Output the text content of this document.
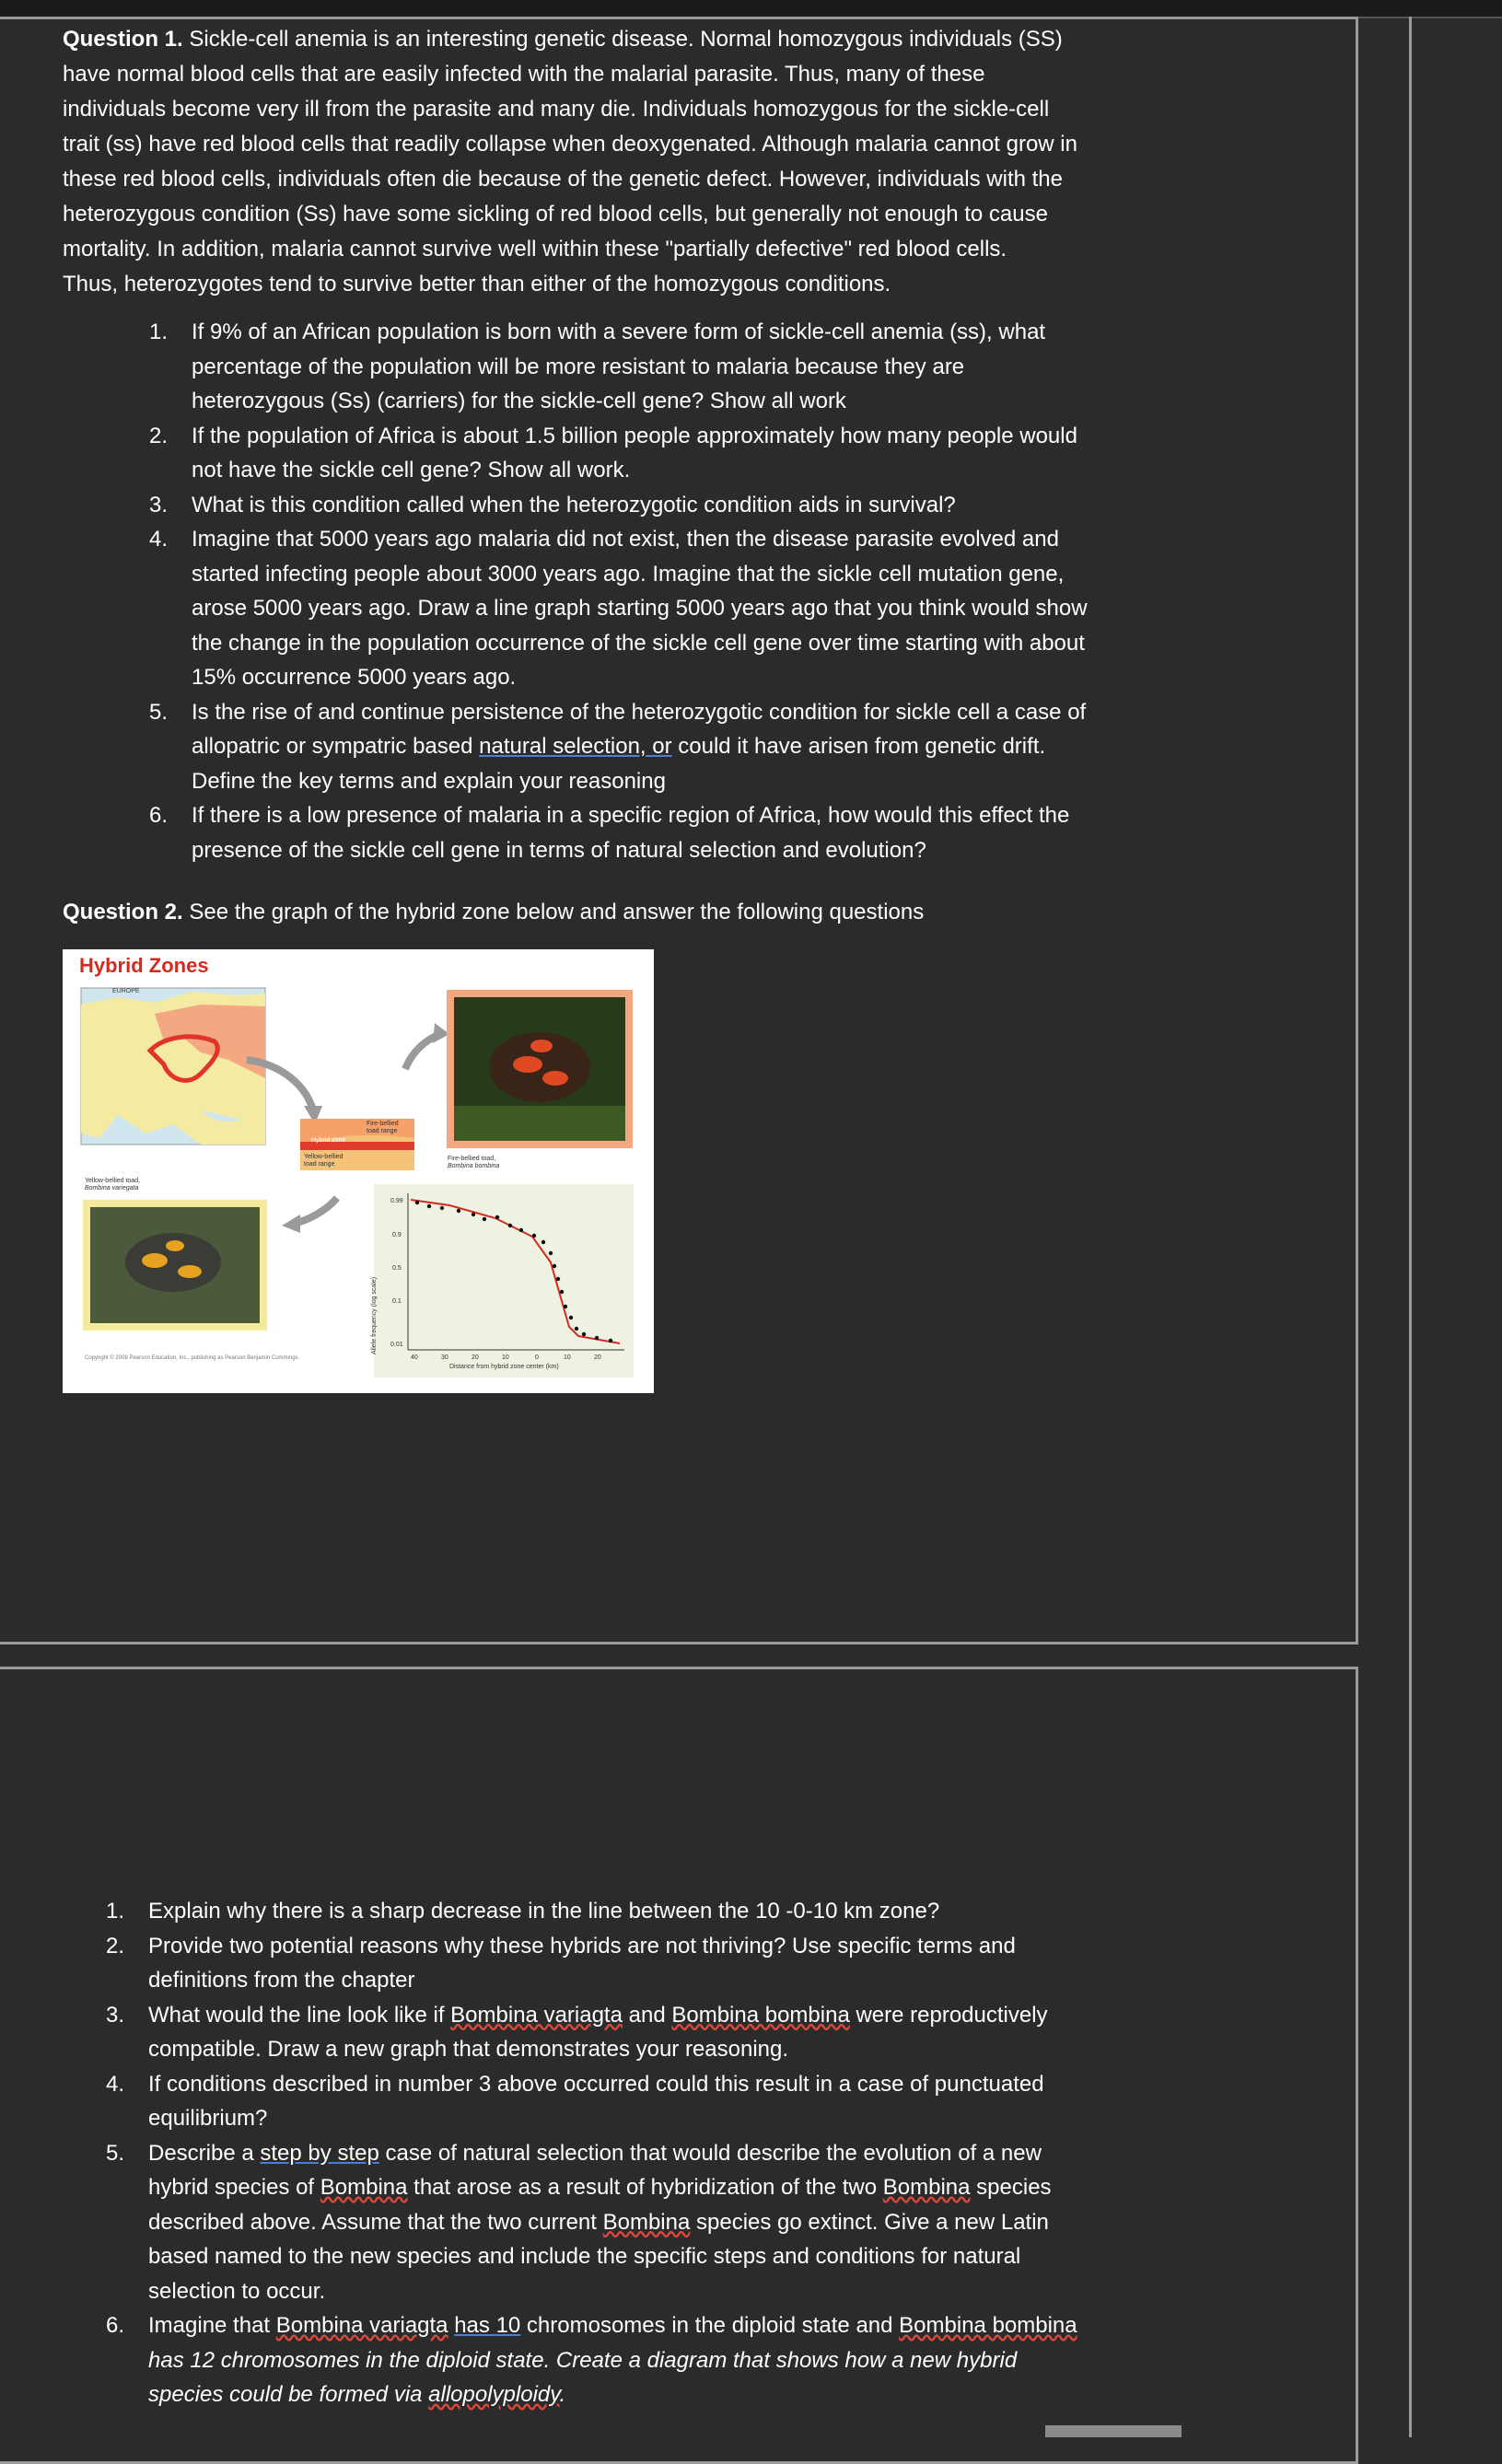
Question 1. Sickle-cell anemia is an interesting genetic disease. Normal homozygous individuals (SS)
have normal blood cells that are easily infected with the malarial parasite. Thus, many of these
individuals become very ill from the parasite and many die. Individuals homozygous for the sickle-cell
trait (ss) have red blood cells that readily collapse when deoxygenated. Although malaria cannot grow in
these red blood cells, individuals often die because of the genetic defect. However, individuals with the
heterozygous condition (Ss) have some sickling of red blood cells, but generally not enough to cause
mortality. In addition, malaria cannot survive well within these "partially defective" red blood cells.
Thus, heterozygotes tend to survive better than either of the homozygous conditions.
1. If 9% of an African population is born with a severe form of sickle-cell anemia (ss), what
percentage of the population will be more resistant to malaria because they are
heterozygous (Ss) (carriers) for the sickle-cell gene? Show all work
2. If the population of Africa is about 1.5 billion people approximately how many people would
not have the sickle cell gene? Show all work.
3. What is this condition called when the heterozygotic condition aids in survival?
4. Imagine that 5000 years ago malaria did not exist, then the disease parasite evolved and
started infecting people about 3000 years ago. Imagine that the sickle cell mutation gene,
arose 5000 years ago. Draw a line graph starting 5000 years ago that you think would show
the change in the population occurrence of the sickle cell gene over time starting with about
15% occurrence 5000 years ago.
5. Is the rise of and continue persistence of the heterozygotic condition for sickle cell a case of
allopatric or sympatric based natural selection, or could it have arisen from genetic drift.
Define the key terms and explain your reasoning
6. If there is a low presence of malaria in a specific region of Africa, how would this effect the
presence of the sickle cell gene in terms of natural selection and evolution?
Question 2. See the graph of the hybrid zone below and answer the following questions
Hybrid Zones
EUROPE
Fire-bellied
toad range
Hybrid zone
Yellow-bellied
toad range
Fire-bellied toad,
Bombina bombina
Yellow-bellied toad,
Bombina variegata
Allele frequency (log scale)
0.99
0.9
0.5
0.1
0.01
40	30	20	10	0	10	20
Distance from hybrid zone center (km)
Copyright © 2008 Pearson Education, Inc., publishing as Pearson Benjamin Cummings.
1. Explain why there is a sharp decrease in the line between the 10 -0-10 km zone?
2. Provide two potential reasons why these hybrids are not thriving? Use specific terms and
definitions from the chapter
3. What would the line look like if Bombina variagta and Bombina bombina were reproductively
compatible. Draw a new graph that demonstrates your reasoning.
4. If conditions described in number 3 above occurred could this result in a case of punctuated
equilibrium?
5. Describe a step by step case of natural selection that would describe the evolution of a new
hybrid species of Bombina that arose as a result of hybridization of the two Bombina species
described above. Assume that the two current Bombina species go extinct. Give a new Latin
based named to the new species and include the specific steps and conditions for natural
selection to occur.
6. Imagine that Bombina variagta has 10 chromosomes in the diploid state and Bombina bombina
has 12 chromosomes in the diploid state. Create a diagram that shows how a new hybrid
species could be formed via allopolyploidy.
